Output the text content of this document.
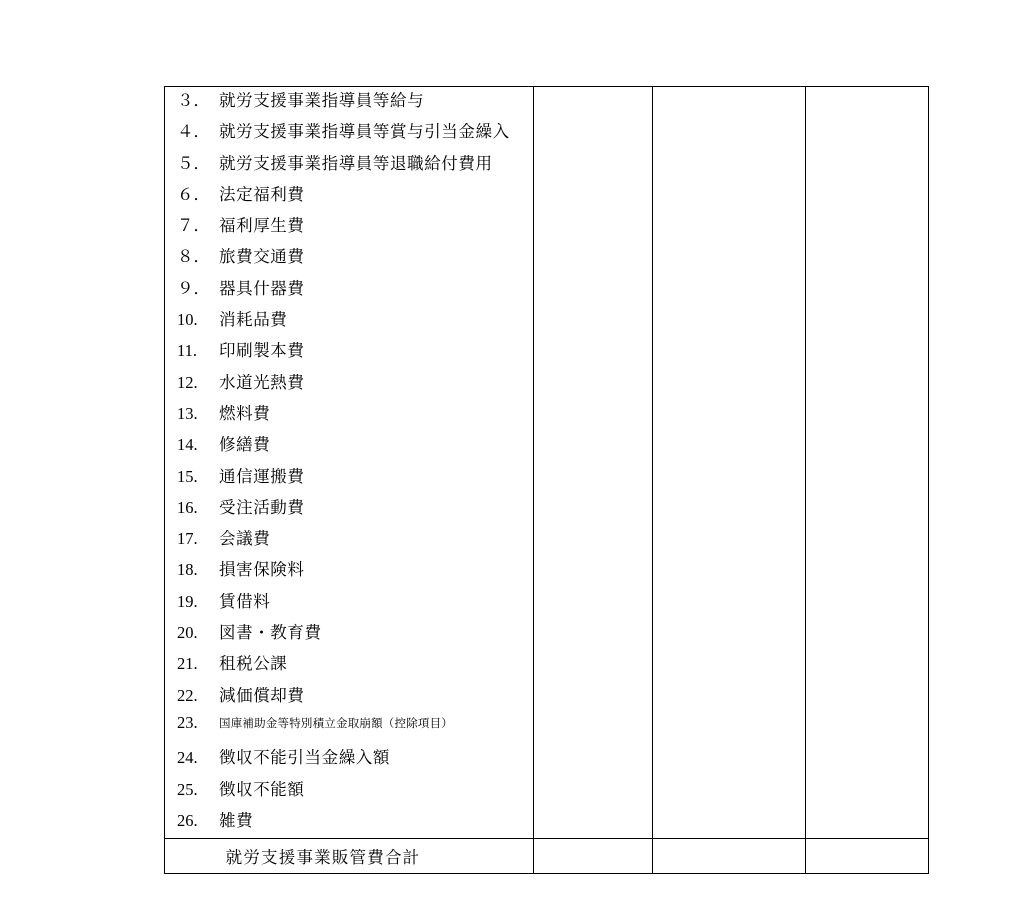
３． 就労支援事業指導員等給与
４． 就労支援事業指導員等賞与引当金繰入
５． 就労支援事業指導員等退職給付費用
６． 法定福利費
７． 福利厚生費
８． 旅費交通費
９． 器具什器費
10.	消耗品費
11.	印刷製本費
12.	水道光熱費
13.	燃料費
14.	修繕費
15.	通信運搬費
16.	受注活動費
17.	会議費
18.	損害保険料
19.	賃借料
20.	図書・教育費
21.	租税公課
22.	減価償却費
23.	国庫補助金等特別積立金取崩額（控除項目）
24.	徴収不能引当金繰入額
25.	徴収不能額
26.	雑費

就労支援事業販管費合計			
